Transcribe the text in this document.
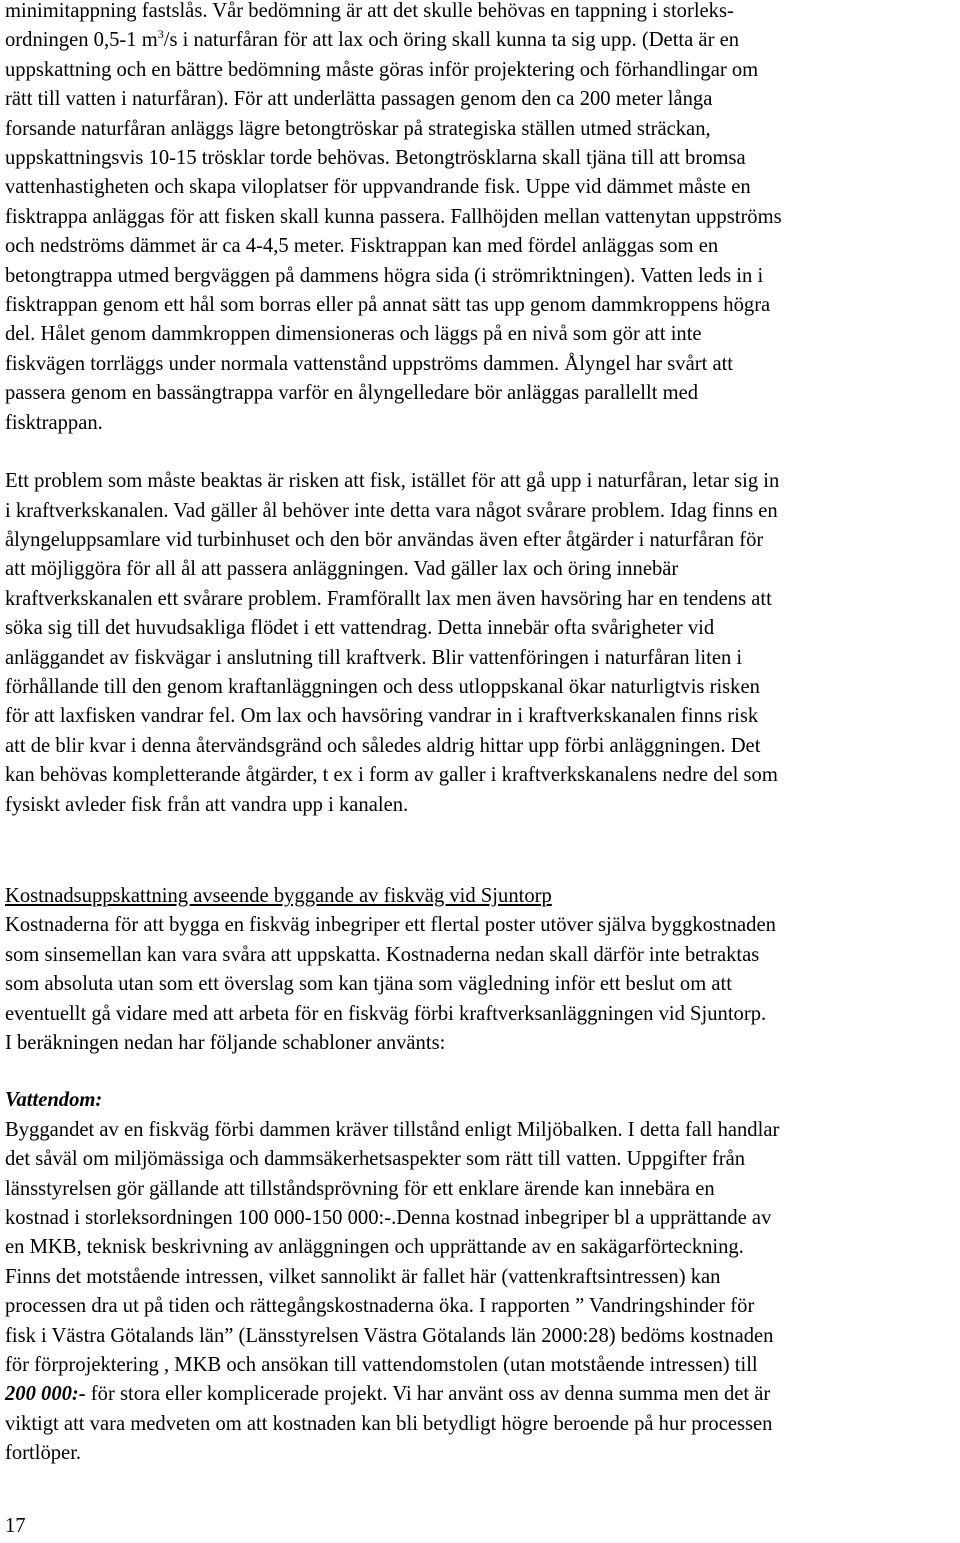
minimitappning fastslås. Vår bedömning är att det skulle behövas en tappning i storleks-
ordningen 0,5-1 $m^3/s$ i naturfåran för att lax och öring skall kunna ta sig upp. (Detta är en
uppskattning och en bättre bedömning måste göras inför projektering och förhandlingar om
rätt till vatten i naturfåran). För att underlätta passagen genom den ca 200 meter långa
forsande naturfåran anläggs lägre betongtröskar på strategiska ställen utmed sträckan,
uppskattningsvis 10-15 trösklar torde behövas. Betongtrösklarna skall tjäna till att bromsa
vattenhastigheten och skapa viloplatser för uppvandrande fisk. Uppe vid dämmet måste en
fisktrappa anläggas för att fisken skall kunna passera. Fallhöjden mellan vattenytan uppströms
och nedströms dämmet är ca 4-4,5 meter. Fisktrappan kan med fördel anläggas som en
betongtrappa utmed bergväggen på dammens högra sida (i strömriktningen). Vatten leds in i
fisktrappan genom ett hål som borras eller på annat sätt tas upp genom dammkroppens högra
del. Hålet genom dammkroppen dimensioneras och läggs på en nivå som gör att inte
fiskvägen torrläggs under normala vattenstånd uppströms dammen. Ålyngel har svårt att
passera genom en bassängtrappa varför en ålyngelledare bör anläggas parallellt med
fisktrappan.

Ett problem som måste beaktas är risken att fisk, istället för att gå upp i naturfåran, letar sig in
i kraftverkskanalen. Vad gäller ål behöver inte detta vara något svårare problem. Idag finns en
ålyngeluppsamlare vid turbinhuset och den bör användas även efter åtgärder i naturfåran för
att möjliggöra för all ål att passera anläggningen. Vad gäller lax och öring innebär
kraftverkskanalen ett svårare problem. Framförallt lax men även havsöring har en tendens att
söka sig till det huvudsakliga flödet i ett vattendrag. Detta innebär ofta svårigheter vid
anläggandet av fiskvägar i anslutning till kraftverk. Blir vattenföringen i naturfåran liten i
förhållande till den genom kraftanläggningen och dess utloppskanal ökar naturligtvis risken
för att laxfisken vandrar fel. Om lax och havsöring vandrar in i kraftverkskanalen finns risk
att de blir kvar i denna återvändsgränd och således aldrig hittar upp förbi anläggningen. Det
kan behövas kompletterande åtgärder, t ex i form av galler i kraftverkskanalens nedre del som
fysiskt avleder fisk från att vandra upp i kanalen.

Kostnadsuppskattning avseende byggande av fiskväg vid Sjuntorp
Kostnaderna för att bygga en fiskväg inbegriper ett flertal poster utöver själva byggkostnaden
som sinsemellan kan vara svåra att uppskatta. Kostnaderna nedan skall därför inte betraktas
som absoluta utan som ett överslag som kan tjäna som vägledning inför ett beslut om att
eventuellt gå vidare med att arbeta för en fiskväg förbi kraftverksanläggningen vid Sjuntorp.
I beräkningen nedan har följande schabloner använts:

Vattendom:
Byggandet av en fiskväg förbi dammen kräver tillstånd enligt Miljöbalken. I detta fall handlar
det såväl om miljömässiga och dammsäkerhetsaspekter som rätt till vatten. Uppgifter från
länsstyrelsen gör gällande att tillståndsprövning för ett enklare ärende kan innebära en
kostnad i storleksordningen 100 000-150 000:-.Denna kostnad inbegriper bl a upprättande av
en MKB, teknisk beskrivning av anläggningen och upprättande av en sakägarförteckning.
Finns det motstående intressen, vilket sannolikt är fallet här (vattenkraftsintressen) kan
processen dra ut på tiden och rättegångskostnaderna öka. I rapporten ” Vandringshinder för
fisk i Västra Götalands län” (Länsstyrelsen Västra Götalands län 2000:28) bedöms kostnaden
för förprojektering , MKB och ansökan till vattendomstolen (utan motstående intressen) till
200 000:- för stora eller komplicerade projekt. Vi har använt oss av denna summa men det är
viktigt att vara medveten om att kostnaden kan bli betydligt högre beroende på hur processen
fortlöper.

17
